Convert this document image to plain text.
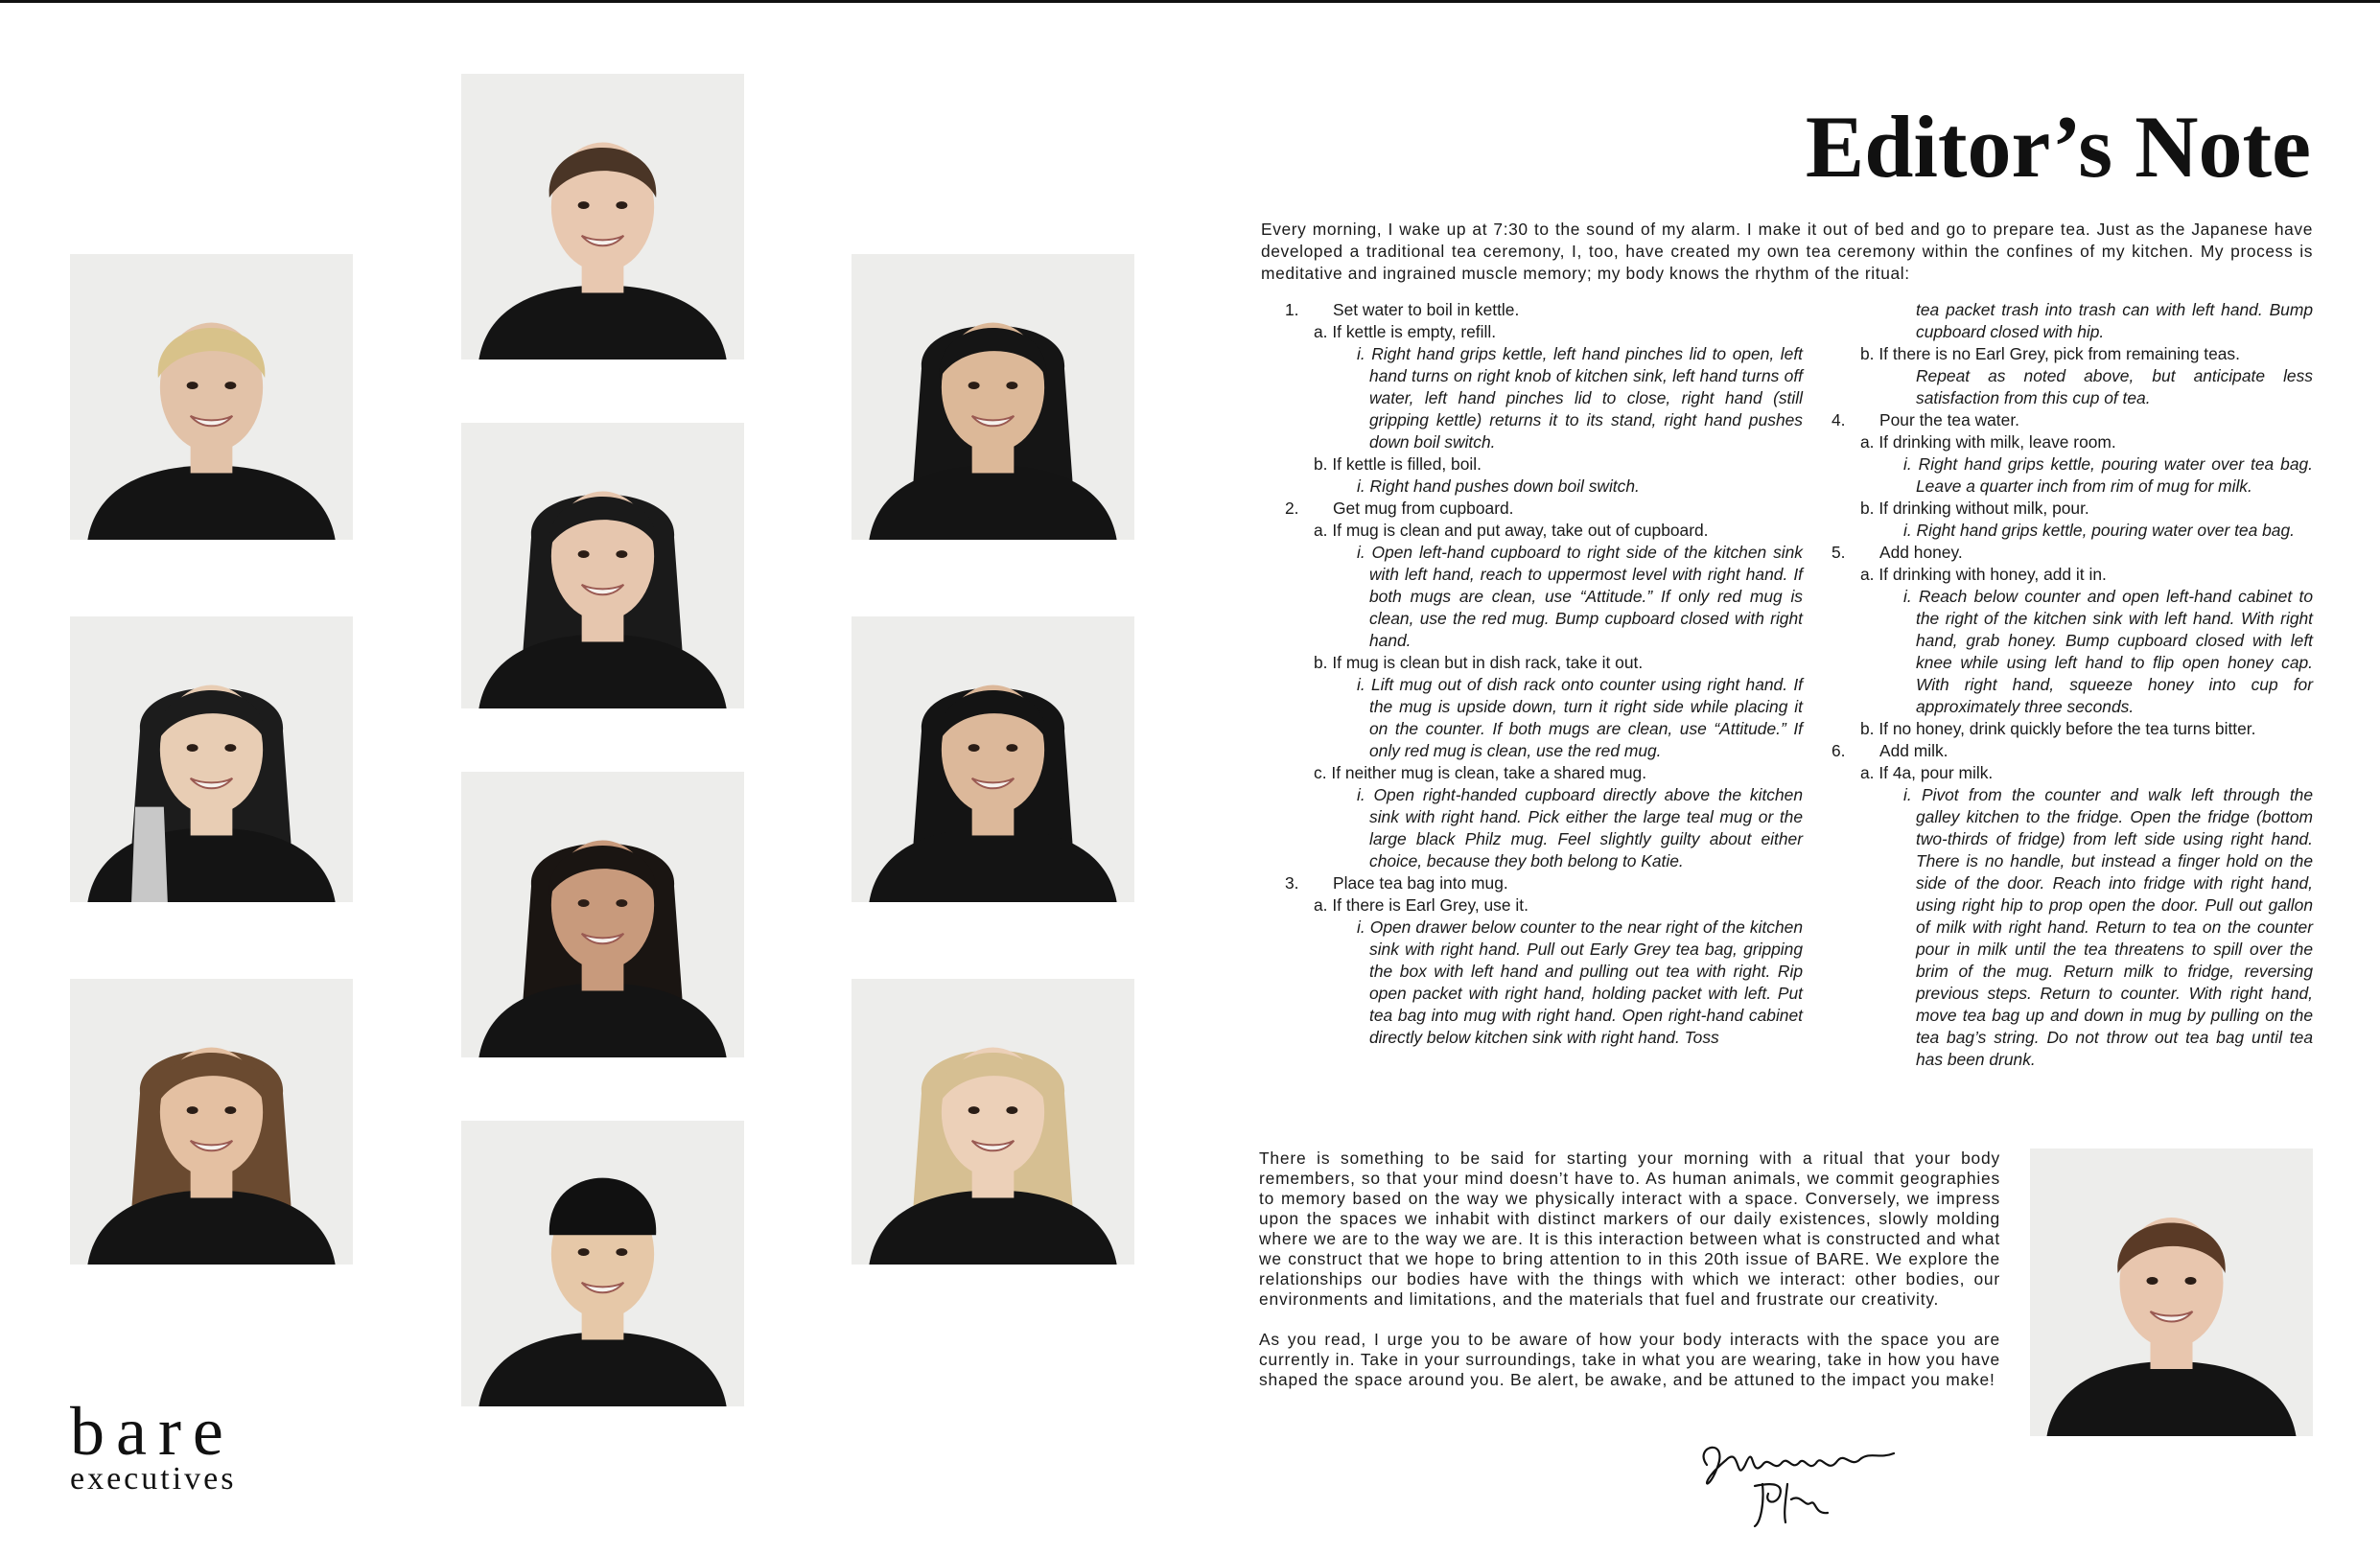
bare
executives
Editor’s Note

Every morning, I wake up at 7:30 to the sound of my alarm. I make it out of bed and go to prepare tea. Just as the Japanese have developed a traditional tea ceremony, I, too, have created my own tea ceremony within the confines of my kitchen. My process is meditative and ingrained muscle memory; my body knows the rhythm of the ritual:

1. Set water to boil in kettle.

a. If kettle is empty, refill.

i. Right hand grips kettle, left hand pinches lid to open, left hand turns on right knob of kitchen sink, left hand turns off water, left hand pinches lid to close, right hand (still gripping kettle) returns it to its stand, right hand pushes down boil switch.

b. If kettle is filled, boil.

i. Right hand pushes down boil switch.

2. Get mug from cupboard.

a. If mug is clean and put away, take out of cupboard.

i. Open left-hand cupboard to right side of the kitchen sink with left hand, reach to uppermost level with right hand. If both mugs are clean, use “Attitude.” If only red mug is clean, use the red mug. Bump cupboard closed with right hand.

b. If mug is clean but in dish rack, take it out.

i. Lift mug out of dish rack onto counter using right hand. If the mug is upside down, turn it right side while placing it on the counter. If both mugs are clean, use “Attitude.” If only red mug is clean, use the red mug.

c. If neither mug is clean, take a shared mug.

i. Open right-handed cupboard directly above the kitchen sink with right hand. Pick either the large teal mug or the large black Philz mug. Feel slightly guilty about either choice, because they both belong to Katie.

3. Place tea bag into mug.

a. If there is Earl Grey, use it.

i. Open drawer below counter to the near right of the kitchen sink with right hand. Pull out Early Grey tea bag, gripping the box with left hand and pulling out tea with right. Rip open packet with right hand, holding packet with left. Put tea bag into mug with right hand. Open right-hand cabinet directly below kitchen sink with right hand. Toss

tea packet trash into trash can with left hand. Bump cupboard closed with hip.

b. If there is no Earl Grey, pick from remaining teas.

Repeat as noted above, but anticipate less satisfaction from this cup of tea.

4. Pour the tea water.

a. If drinking with milk, leave room.

i. Right hand grips kettle, pouring water over tea bag. Leave a quarter inch from rim of mug for milk.

b. If drinking without milk, pour.

i. Right hand grips kettle, pouring water over tea bag.

5. Add honey.

a. If drinking with honey, add it in.

i. Reach below counter and open left-hand cabinet to the right of the kitchen sink with left hand. With right hand, grab honey. Bump cupboard closed with left knee while using left hand to flip open honey cap. With right hand, squeeze honey into cup for approximately three seconds.

b. If no honey, drink quickly before the tea turns bitter.

6. Add milk.

a. If 4a, pour milk.

i. Pivot from the counter and walk left through the galley kitchen to the fridge. Open the fridge (bottom two-thirds of fridge) from left side using right hand. There is no handle, but instead a finger hold on the side of the door. Reach into fridge with right hand, using right hip to prop open the door. Pull out gallon of milk with right hand. Return to tea on the counter pour in milk until the tea threatens to spill over the brim of the mug. Return milk to fridge, reversing previous steps. Return to counter. With right hand, move tea bag up and down in mug by pulling on the tea bag’s string. Do not throw out tea bag until tea has been drunk.

There is something to be said for starting your morning with a ritual that your body remembers, so that your mind doesn’t have to. As human animals, we commit geographies to memory based on the way we physically interact with a space. Conversely, we impress upon the spaces we inhabit with distinct markers of our daily existences, slowly molding where we are to the way we are. It is this interaction between what is constructed and what we construct that we hope to bring attention to in this 20th issue of BARE. We explore the relationships our bodies have with the things with which we interact: other bodies, our environments and limitations, and the materials that fuel and frustrate our creativity.

As you read, I urge you to be aware of how your body interacts with the space you are currently in. Take in your surroundings, take in what you are wearing, take in how you have shaped the space around you. Be alert, be awake, and be attuned to the impact you make!
